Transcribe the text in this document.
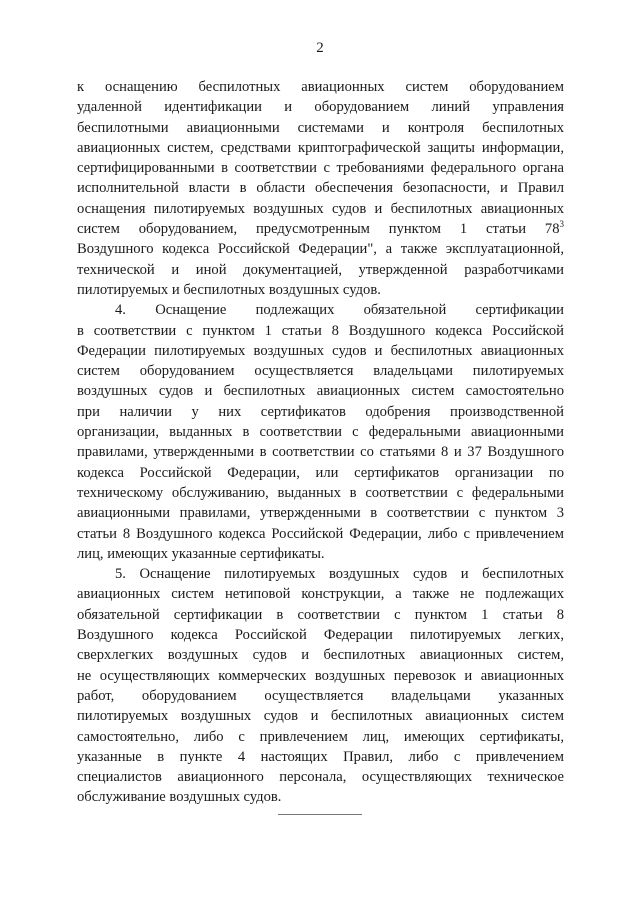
2
к оснащению беспилотных авиационных систем оборудованием
удаленной идентификации и оборудованием линий управления
беспилотными авиационными системами и контроля беспилотных
авиационных систем, средствами криптографической защиты информации,
сертифицированными в соответствии с требованиями федерального органа
исполнительной власти в области обеспечения безопасности, и Правил
оснащения пилотируемых воздушных судов и беспилотных авиационных
систем оборудованием, предусмотренным пунктом 1 статьи $78^3$
Воздушного кодекса Российской Федерации", а также эксплуатационной,
технической и иной документацией, утвержденной разработчиками
пилотируемых и беспилотных воздушных судов.
4. Оснащение подлежащих обязательной сертификации
в соответствии с пунктом 1 статьи 8 Воздушного кодекса Российской
Федерации пилотируемых воздушных судов и беспилотных авиационных
систем оборудованием осуществляется владельцами пилотируемых
воздушных судов и беспилотных авиационных систем самостоятельно
при наличии у них сертификатов одобрения производственной
организации, выданных в соответствии с федеральными авиационными
правилами, утвержденными в соответствии со статьями 8 и 37 Воздушного
кодекса Российской Федерации, или сертификатов организации по
техническому обслуживанию, выданных в соответствии с федеральными
авиационными правилами, утвержденными в соответствии с пунктом 3
статьи 8 Воздушного кодекса Российской Федерации, либо с привлечением
лиц, имеющих указанные сертификаты.
5. Оснащение пилотируемых воздушных судов и беспилотных
авиационных систем нетиповой конструкции, а также не подлежащих
обязательной сертификации в соответствии с пунктом 1 статьи 8
Воздушного кодекса Российской Федерации пилотируемых легких,
сверхлегких воздушных судов и беспилотных авиационных систем,
не осуществляющих коммерческих воздушных перевозок и авиационных
работ, оборудованием осуществляется владельцами указанных
пилотируемых воздушных судов и беспилотных авиационных систем
самостоятельно, либо с привлечением лиц, имеющих сертификаты,
указанные в пункте 4 настоящих Правил, либо с привлечением
специалистов авиационного персонала, осуществляющих техническое
обслуживание воздушных судов.
